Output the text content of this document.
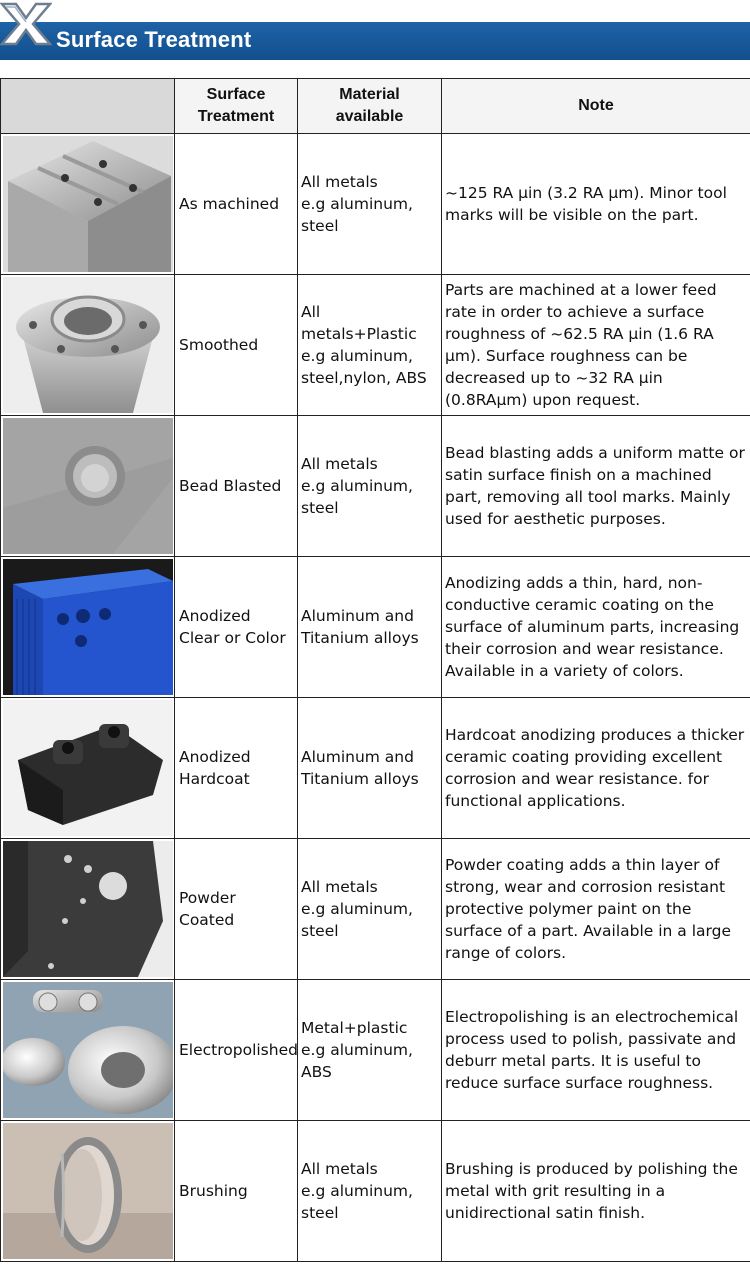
Surface Treatment

	Surface
Treatment	Material
available	Note

	As machined	All metals
e.g aluminum,
steel	~125 RA μin (3.2 RA μm). Minor tool marks will be visible on the part.

	Smoothed	All metals+Plastic
e.g aluminum,
steel,nylon, ABS	Parts are machined at a lower feed rate in order to achieve a surface roughness of ~62.5 RA μin (1.6 RA μm). Surface roughness can be decreased up to ~32 RA μin (0.8RAμm) upon request.

	Bead Blasted	All metals
e.g aluminum,
steel	Bead blasting adds a uniform matte or satin surface finish on a machined part, removing all tool marks. Mainly used for aesthetic purposes.

	Anodized Clear or Color	Aluminum and
Titanium alloys	Anodizing adds a thin, hard, non-conductive ceramic coating on the surface of aluminum parts, increasing their corrosion and wear resistance. Available in a variety of colors.

	Anodized Hardcoat	Aluminum and
Titanium alloys	Hardcoat anodizing produces a thicker ceramic coating providing excellent corrosion and wear resistance. for functional applications.

	Powder Coated	All metals
e.g aluminum,
steel	Powder coating adds a thin layer of strong, wear and corrosion resistant protective polymer paint on the surface of a part. Available in a large range of colors.

	Electropolished	Metal+plastic
e.g aluminum,
ABS	Electropolishing is an electrochemical process used to polish, passivate and deburr metal parts. It is useful to reduce surface surface roughness.

	Brushing	All metals
e.g aluminum,
steel	Brushing is produced by polishing the metal with grit resulting in a unidirectional satin finish.
